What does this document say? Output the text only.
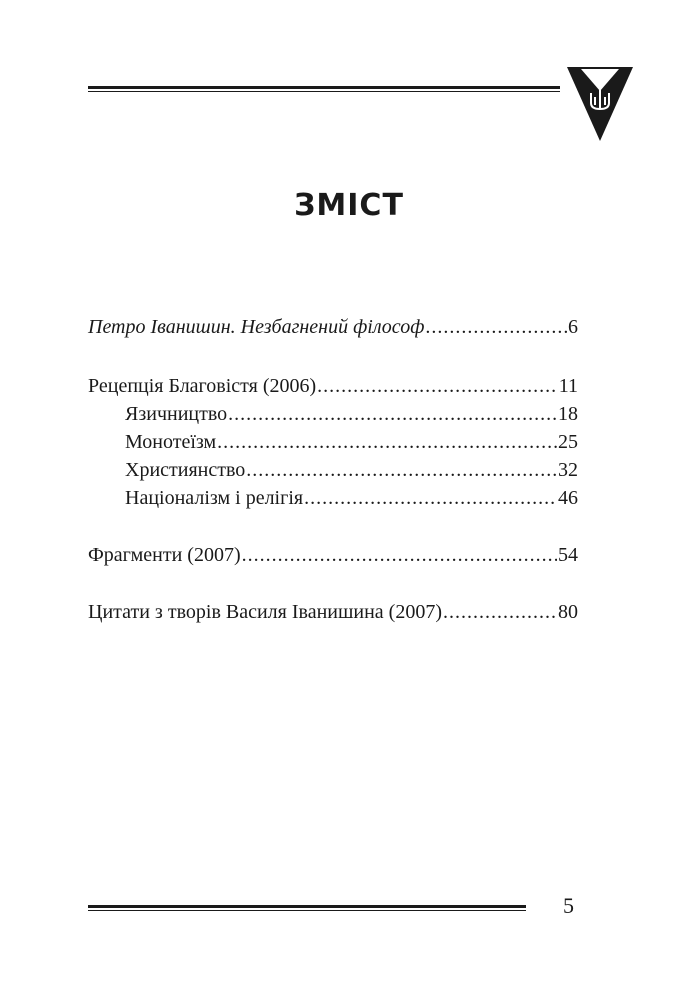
ЗМІСТ
Петро Іванишин. Незбагнений філософ .....	6
Рецепція Благовістя (2006) .....	11
Язичництво .....	18
Монотеїзм .....	25
Християнство .....	32
Націоналізм і релігія .....	46
Фрагменти (2007) .....	54
Цитати з творів Василя Іванишина (2007) .....	80
5
